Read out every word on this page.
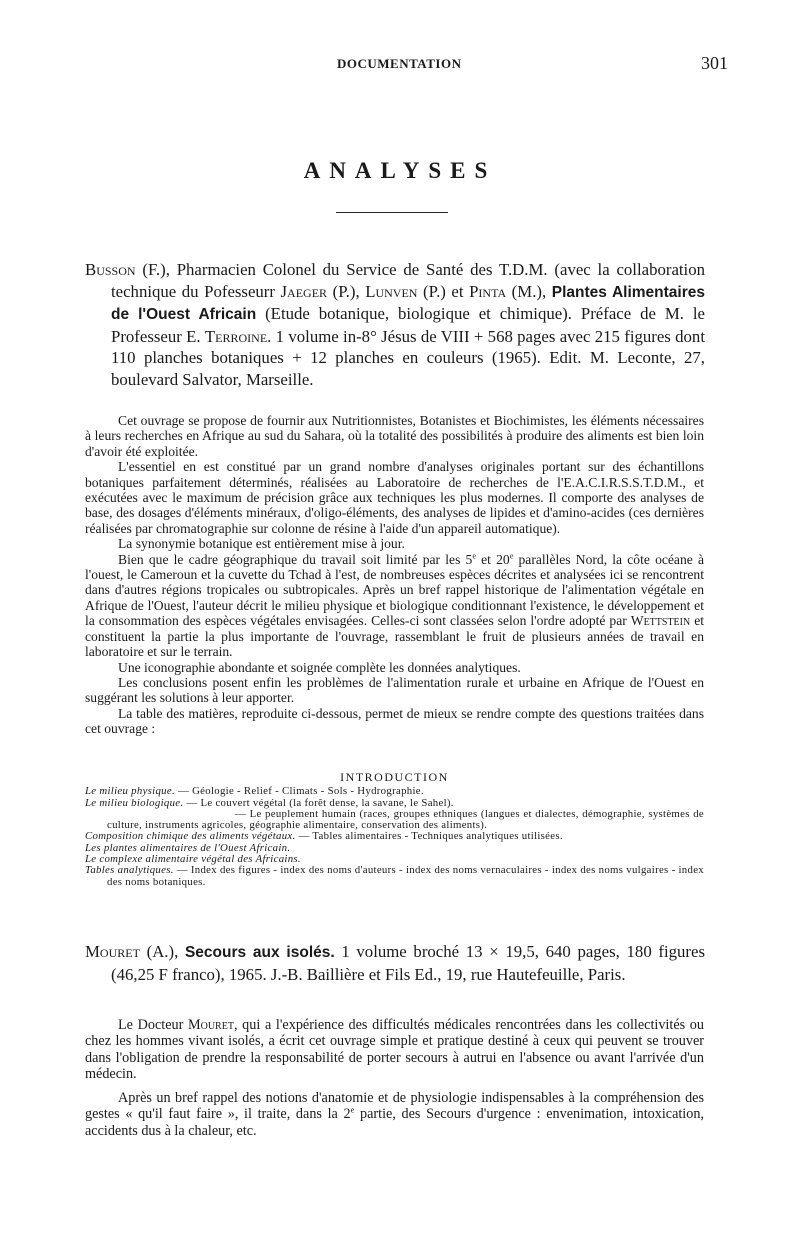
DOCUMENTATION	301
ANALYSES
Busson (F.), Pharmacien Colonel du Service de Santé des T.D.M. (avec la collaboration technique du Pofesseurr Jaeger (P.), Lunven (P.) et Pinta (M.), Plantes Alimentaires de l'Ouest Africain (Etude botanique, biologique et chimique). Préface de M. le Professeur E. Terroine. 1 volume in-8° Jésus de VIII + 568 pages avec 215 figures dont 110 planches botaniques + 12 planches en couleurs (1965). Edit. M. Leconte, 27, boulevard Salvator, Marseille.

Cet ouvrage se propose de fournir aux Nutritionnistes, Botanistes et Biochimistes, les éléments nécessaires à leurs recherches en Afrique au sud du Sahara, où la totalité des possibilités à produire des aliments est bien loin d'avoir été exploitée.

L'essentiel en est constitué par un grand nombre d'analyses originales portant sur des échantillons botaniques parfaitement déterminés, réalisées au Laboratoire de recherches de l'E.A.C.I.R.S.S.T.D.M., et exécutées avec le maximum de précision grâce aux techniques les plus modernes. Il comporte des analyses de base, des dosages d'éléments minéraux, d'oligo-éléments, des analyses de lipides et d'amino-acides (ces dernières réalisées par chromatographie sur colonne de résine à l'aide d'un appareil automatique).

La synonymie botanique est entièrement mise à jour.

Bien que le cadre géographique du travail soit limité par les 5e et 20e parallèles Nord, la côte océane à l'ouest, le Cameroun et la cuvette du Tchad à l'est, de nombreuses espèces décrites et analysées ici se rencontrent dans d'autres régions tropicales ou subtropicales. Après un bref rappel historique de l'alimentation végétale en Afrique de l'Ouest, l'auteur décrit le milieu physique et biologique conditionnant l'existence, le développement et la consommation des espèces végétales envisagées. Celles-ci sont classées selon l'ordre adopté par Wettstein et constituent la partie la plus importante de l'ouvrage, rassemblant le fruit de plusieurs années de travail en laboratoire et sur le terrain.

Une iconographie abondante et soignée complète les données analytiques.

Les conclusions posent enfin les problèmes de l'alimentation rurale et urbaine en Afrique de l'Ouest en suggérant les solutions à leur apporter.

La table des matières, reproduite ci-dessous, permet de mieux se rendre compte des questions traitées dans cet ouvrage :

INTRODUCTION

Le milieu physique. — Géologie - Relief - Climats - Sols - Hydrographie.

Le milieu biologique. — Le couvert végétal (la forêt dense, la savane, le Sahel).

— Le peuplement humain (races, groupes ethniques (langues et dialectes, démographie, systèmes de culture, instruments agricoles, géographie alimentaire, conservation des aliments).

Composition chimique des aliments végétaux. — Tables alimentaires - Techniques analytiques utilisées.

Les plantes alimentaires de l'Ouest Africain.

Le complexe alimentaire végétal des Africains.

Tables analytiques. — Index des figures - index des noms d'auteurs - index des noms vernaculaires - index des noms vulgaires - index des noms botaniques.

Mouret (A.), Secours aux isolés. 1 volume broché 13 × 19,5, 640 pages, 180 figures (46,25 F franco), 1965. J.-B. Baillière et Fils Ed., 19, rue Hautefeuille, Paris.

Le Docteur Mouret, qui a l'expérience des difficultés médicales rencontrées dans les collectivités ou chez les hommes vivant isolés, a écrit cet ouvrage simple et pratique destiné à ceux qui peuvent se trouver dans l'obligation de prendre la responsabilité de porter secours à autrui en l'absence ou avant l'arrivée d'un médecin.

Après un bref rappel des notions d'anatomie et de physiologie indispensables à la compréhension des gestes « qu'il faut faire », il traite, dans la 2e partie, des Secours d'urgence : envenimation, intoxication, accidents dus à la chaleur, etc.
